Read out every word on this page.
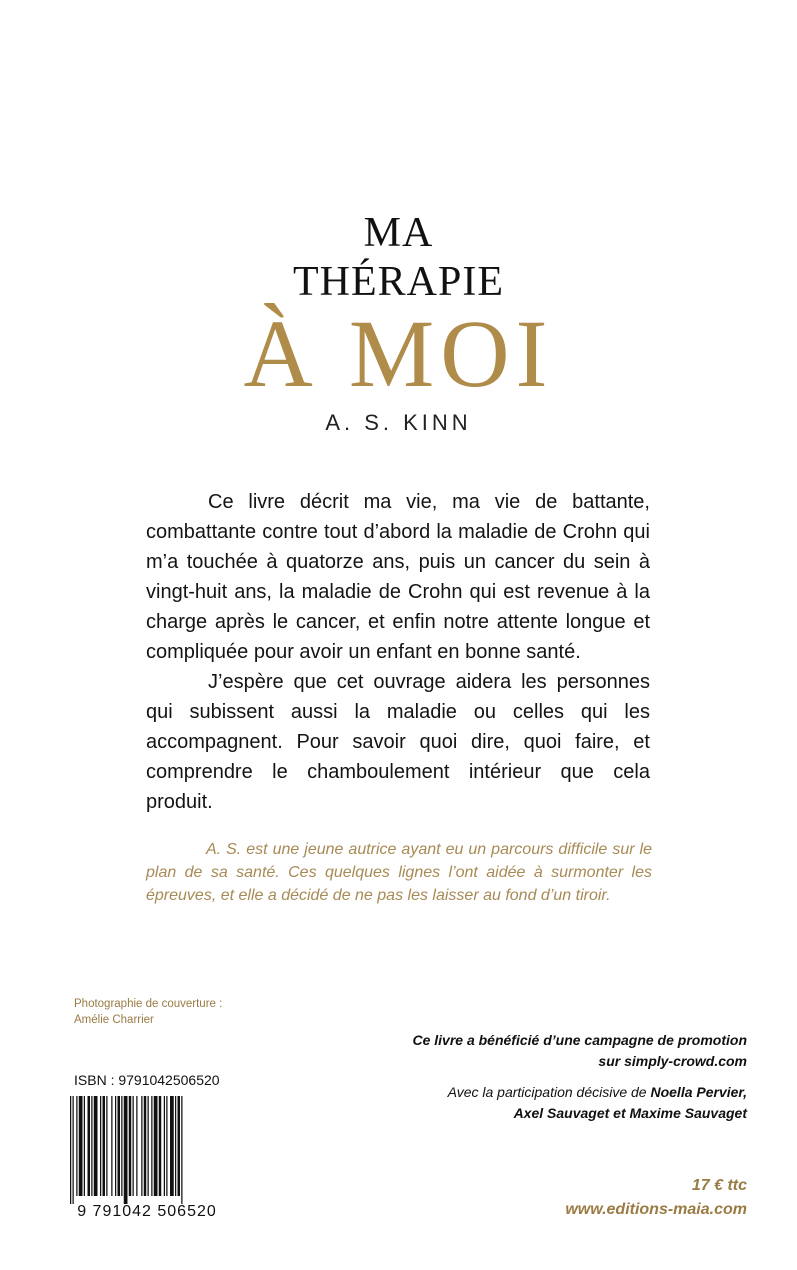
MA
THÉRAPIE
À MOI
A. S. KINN

Ce livre décrit ma vie, ma vie de battante, combattante contre tout d’abord la maladie de Crohn qui m’a touchée à quatorze ans, puis un cancer du sein à vingt-huit ans, la maladie de Crohn qui est revenue à la charge après le cancer, et enfin notre attente longue et compliquée pour avoir un enfant en bonne santé.

J’espère que cet ouvrage aidera les personnes qui subissent aussi la maladie ou celles qui les accompagnent. Pour savoir quoi dire, quoi faire, et comprendre le chamboulement intérieur que cela produit.

A. S. est une jeune autrice ayant eu un parcours difficile sur le plan de sa santé. Ces quelques lignes l’ont aidée à surmonter les épreuves, et elle a décidé de ne pas les laisser au fond d’un tiroir.

Photographie de couverture :
Amélie Charrier
ISBN : 9791042506520
9 791042 506520
Ce livre a bénéficié d’une campagne de promotion
sur simply-crowd.com
Avec la participation décisive de Noella Pervier,
Axel Sauvaget et Maxime Sauvaget
17 € ttc
www.editions-maia.com
